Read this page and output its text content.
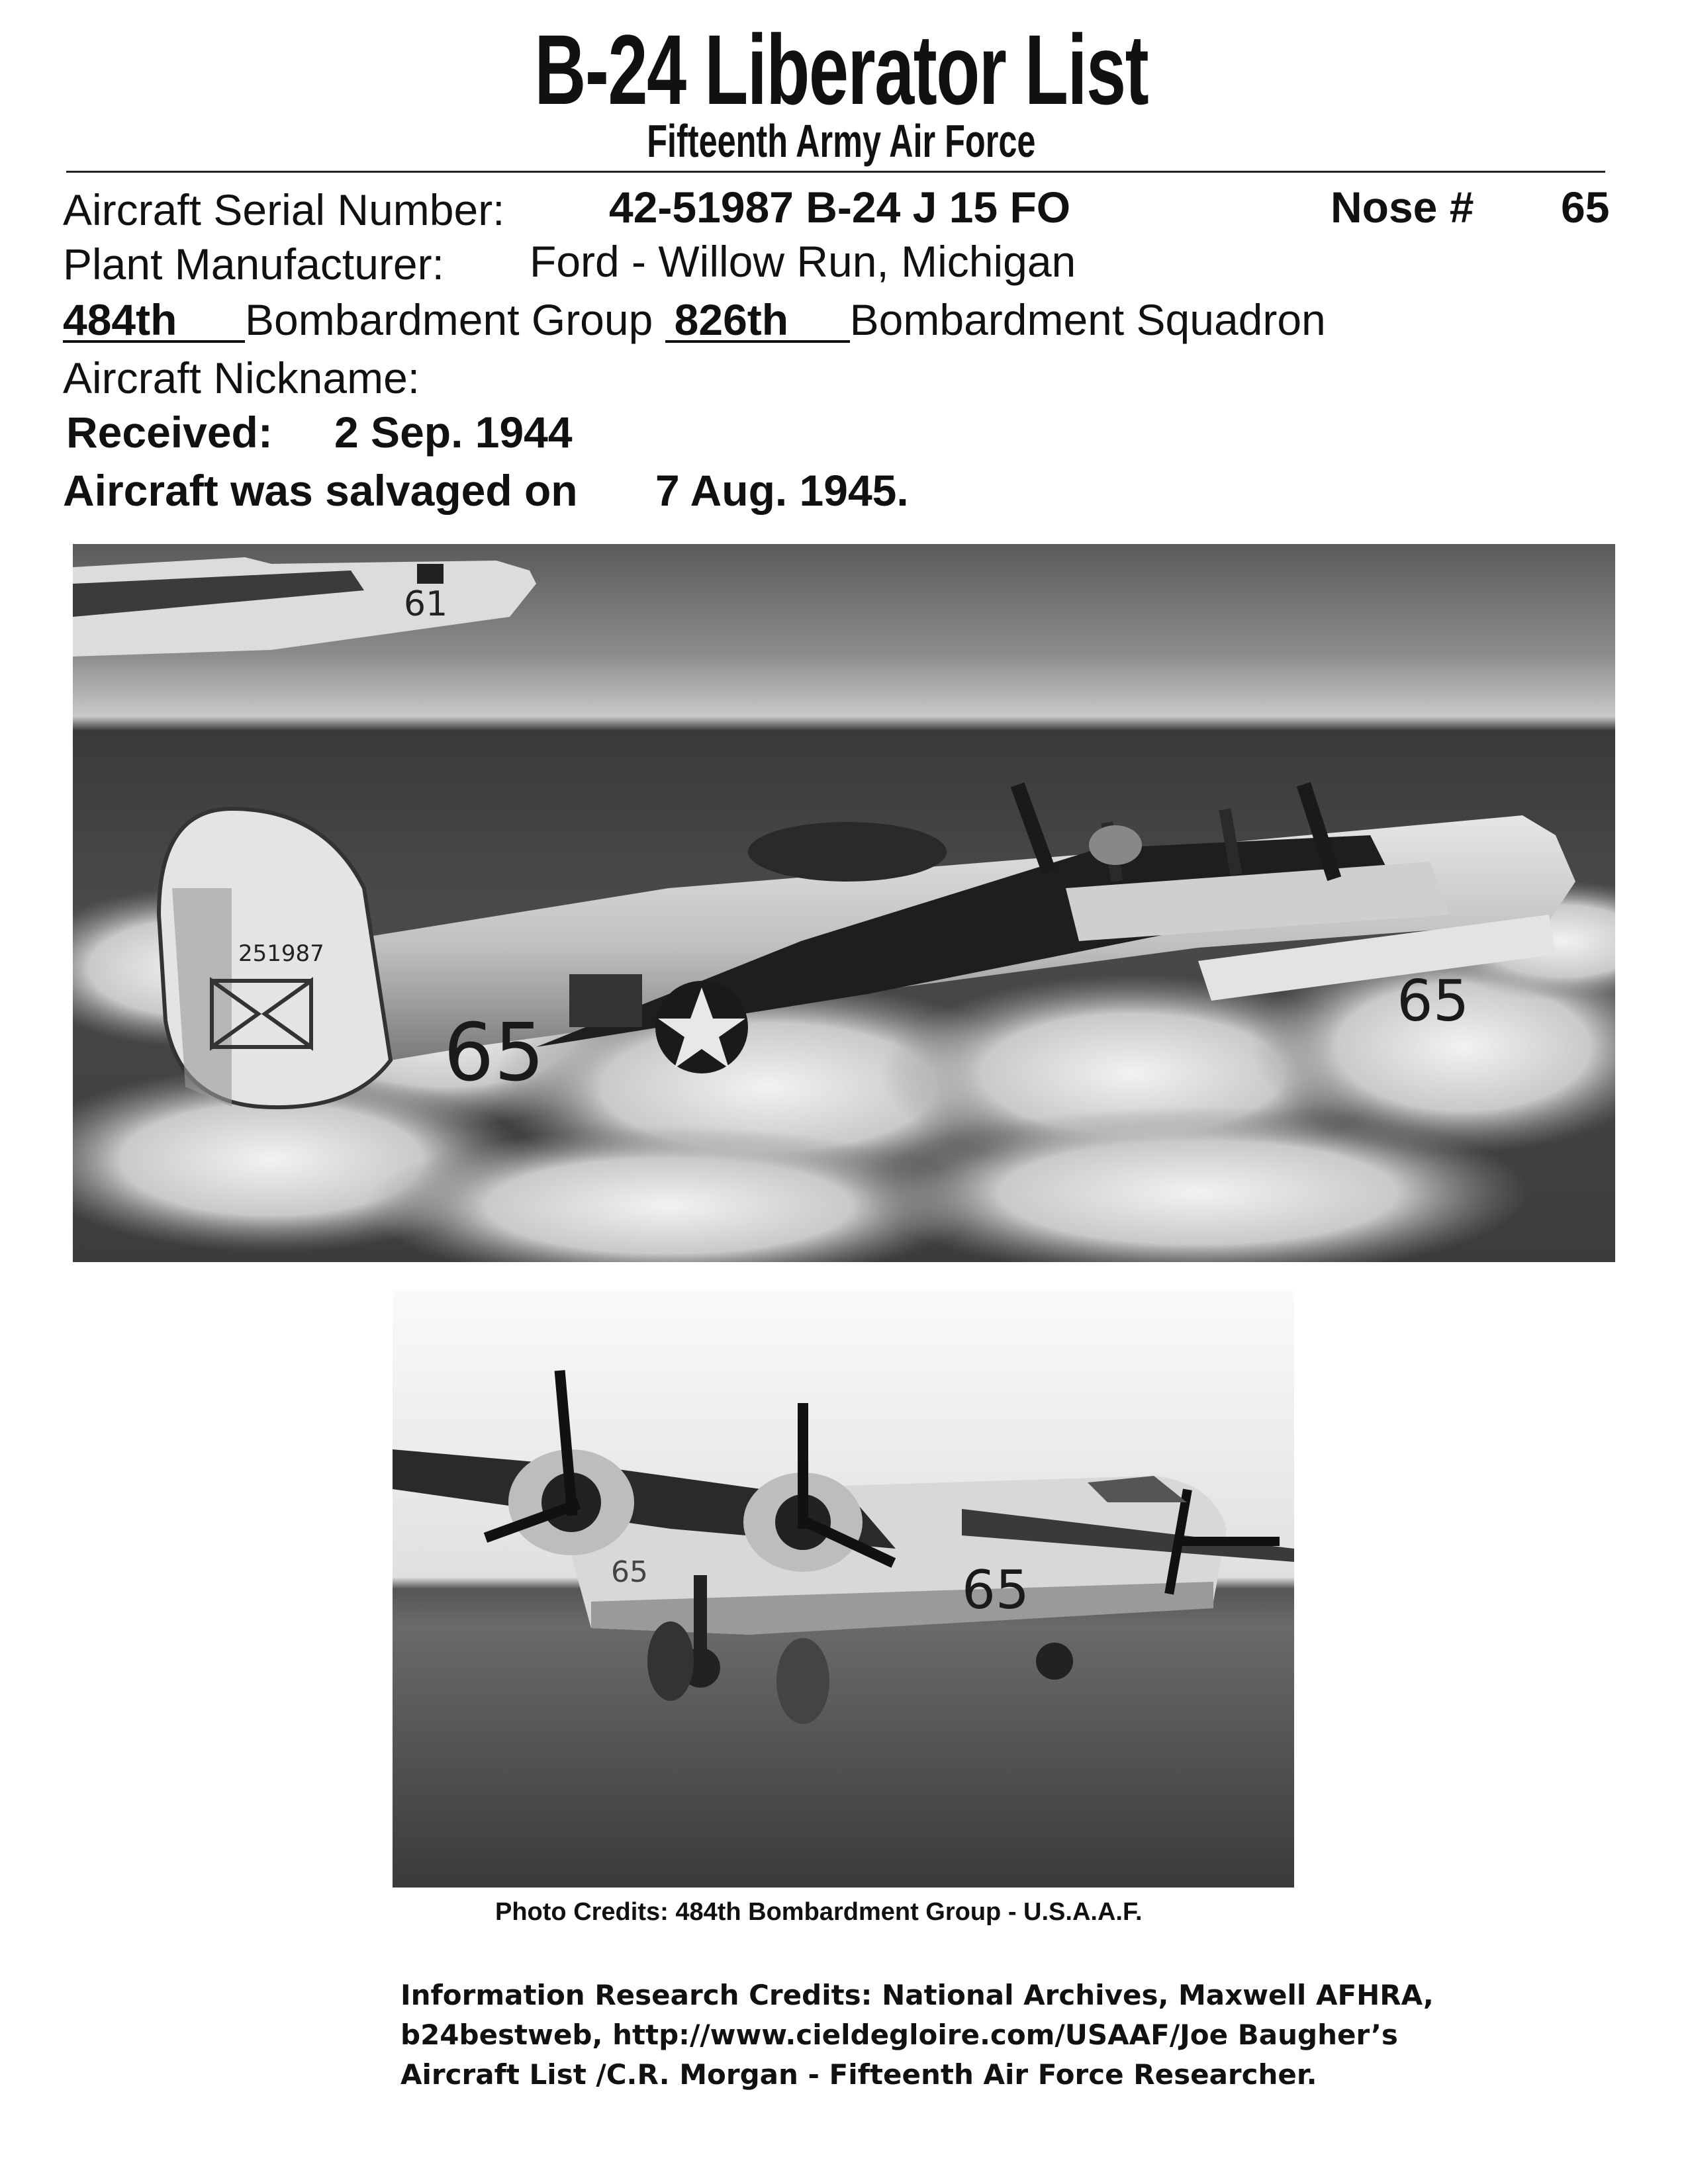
B-24 Liberator List
Fifteenth Army Air Force
Aircraft Serial Number: 42-51987 B-24 J 15 FO	Nose # 65
Plant Manufacturer: Ford - Willow Run, Michigan
484th Bombardment Group 826th Bombardment Squadron
Aircraft Nickname:
Received: 2 Sep. 1944
Aircraft was salvaged on 7 Aug. 1945.
61
251987
65
65
65
65
Photo Credits: 484th Bombardment Group - U.S.A.A.F.
Information Research Credits: National Archives, Maxwell AFHRA,
b24bestweb, http://www.cieldegloire.com/USAAF/Joe Baugher’s
Aircraft List /C.R. Morgan - Fifteenth Air Force Researcher.
